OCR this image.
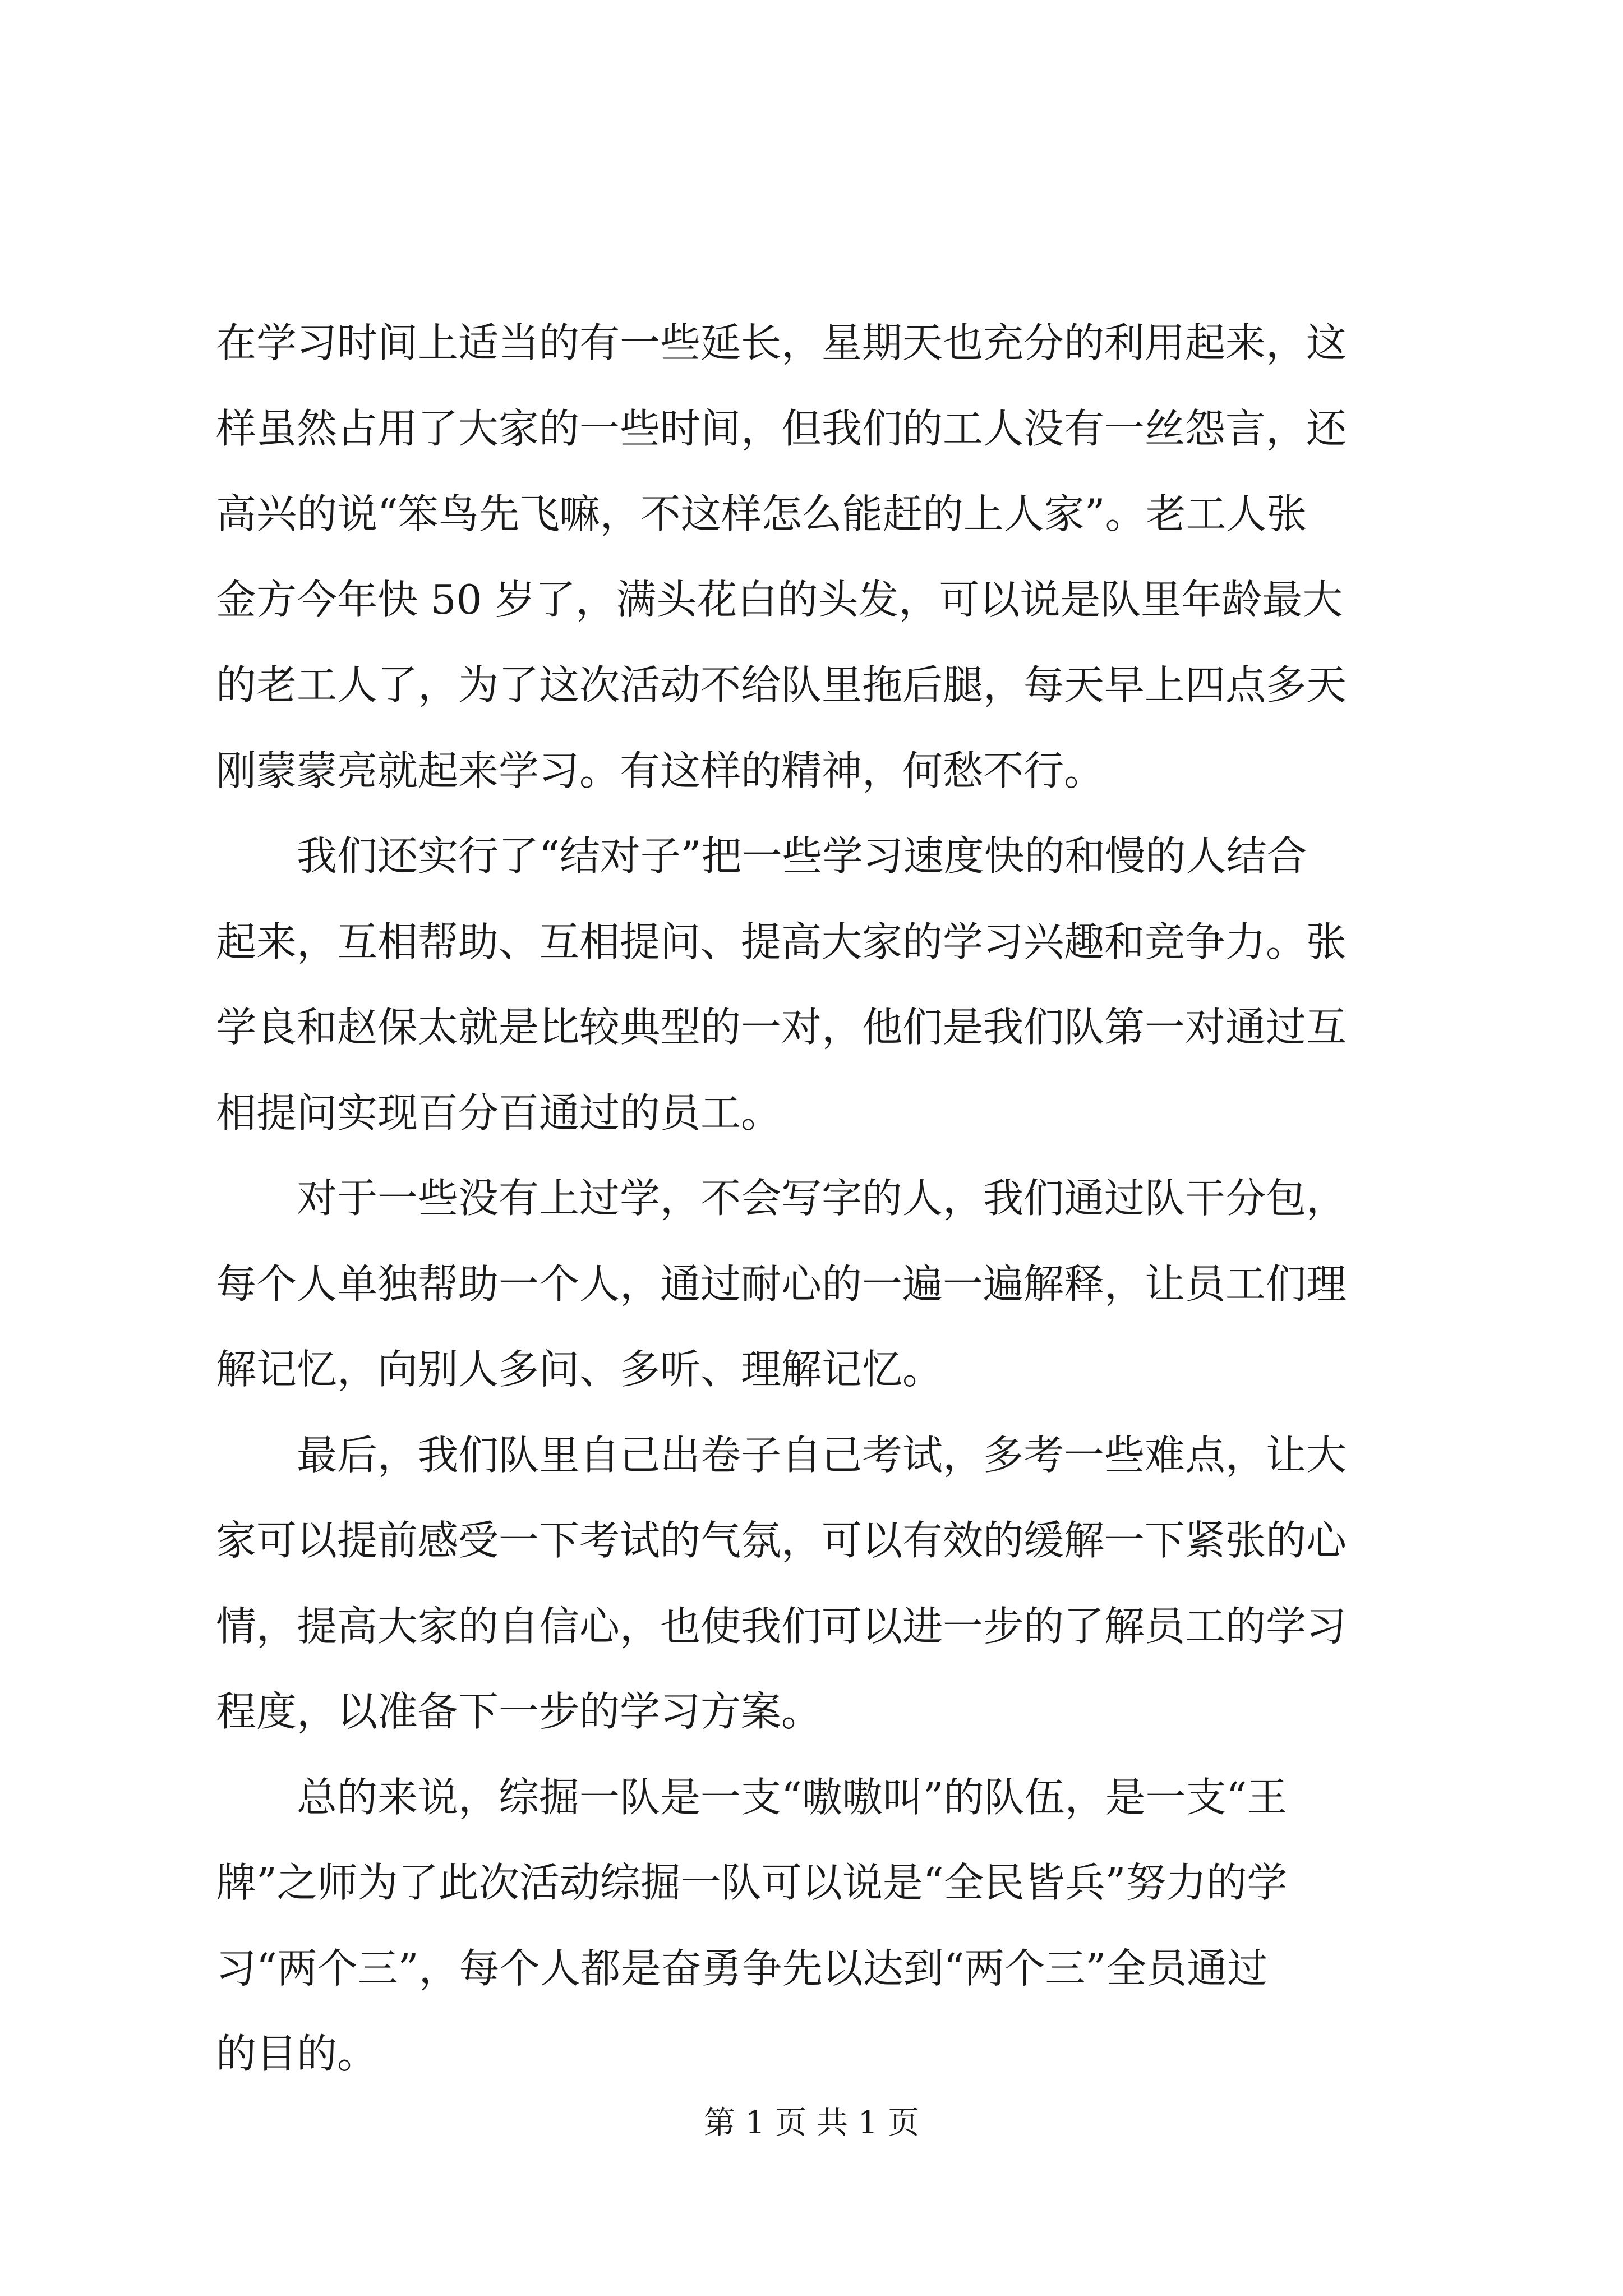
在学习时间上适当的有一些延长，星期天也充分的利用起来，这
样虽然占用了大家的一些时间，但我们的工人没有一丝怨言，还
高兴的说“笨鸟先飞嘛，不这样怎么能赶的上人家”。老工人张
金方今年快 50 岁了，满头花白的头发，可以说是队里年龄最大
的老工人了，为了这次活动不给队里拖后腿，每天早上四点多天
刚蒙蒙亮就起来学习。有这样的精神，何愁不行。
　　我们还实行了“结对子”把一些学习速度快的和慢的人结合
起来，互相帮助、互相提问、提高大家的学习兴趣和竞争力。张
学良和赵保太就是比较典型的一对，他们是我们队第一对通过互
相提问实现百分百通过的员工。
　　对于一些没有上过学，不会写字的人，我们通过队干分包，
每个人单独帮助一个人，通过耐心的一遍一遍解释，让员工们理
解记忆，向别人多问、多听、理解记忆。
　　最后，我们队里自己出卷子自己考试，多考一些难点，让大
家可以提前感受一下考试的气氛，可以有效的缓解一下紧张的心
情，提高大家的自信心，也使我们可以进一步的了解员工的学习
程度，以准备下一步的学习方案。
　　总的来说，综掘一队是一支“嗷嗷叫”的队伍，是一支“王
牌”之师为了此次活动综掘一队可以说是“全民皆兵”努力的学
习“两个三”，每个人都是奋勇争先以达到“两个三”全员通过
的目的。
第 1 页 共 1 页
